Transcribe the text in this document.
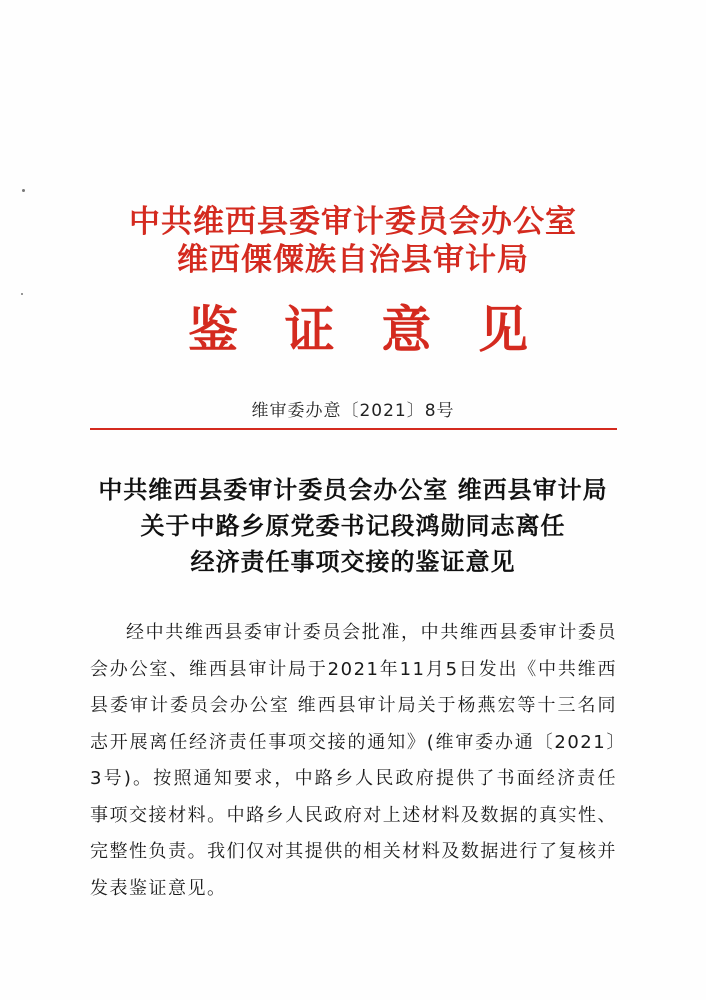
中共维西县委审计委员会办公室
维西傈僳族自治县审计局
鉴 证 意 见
维审委办意〔2021〕8号
中共维西县委审计委员会办公室 维西县审计局
关于中路乡原党委书记段鸿勋同志离任
经济责任事项交接的鉴证意见

经中共维西县委审计委员会批准，中共维西县委审计委员会办公室、维西县审计局于2021年11月5日发出《中共维西县委审计委员会办公室 维西县审计局关于杨燕宏等十三名同志开展离任经济责任事项交接的通知》(维审委办通〔2021〕3号)。按照通知要求，中路乡人民政府提供了书面经济责任事项交接材料。中路乡人民政府对上述材料及数据的真实性、完整性负责。我们仅对其提供的相关材料及数据进行了复核并发表鉴证意见。
